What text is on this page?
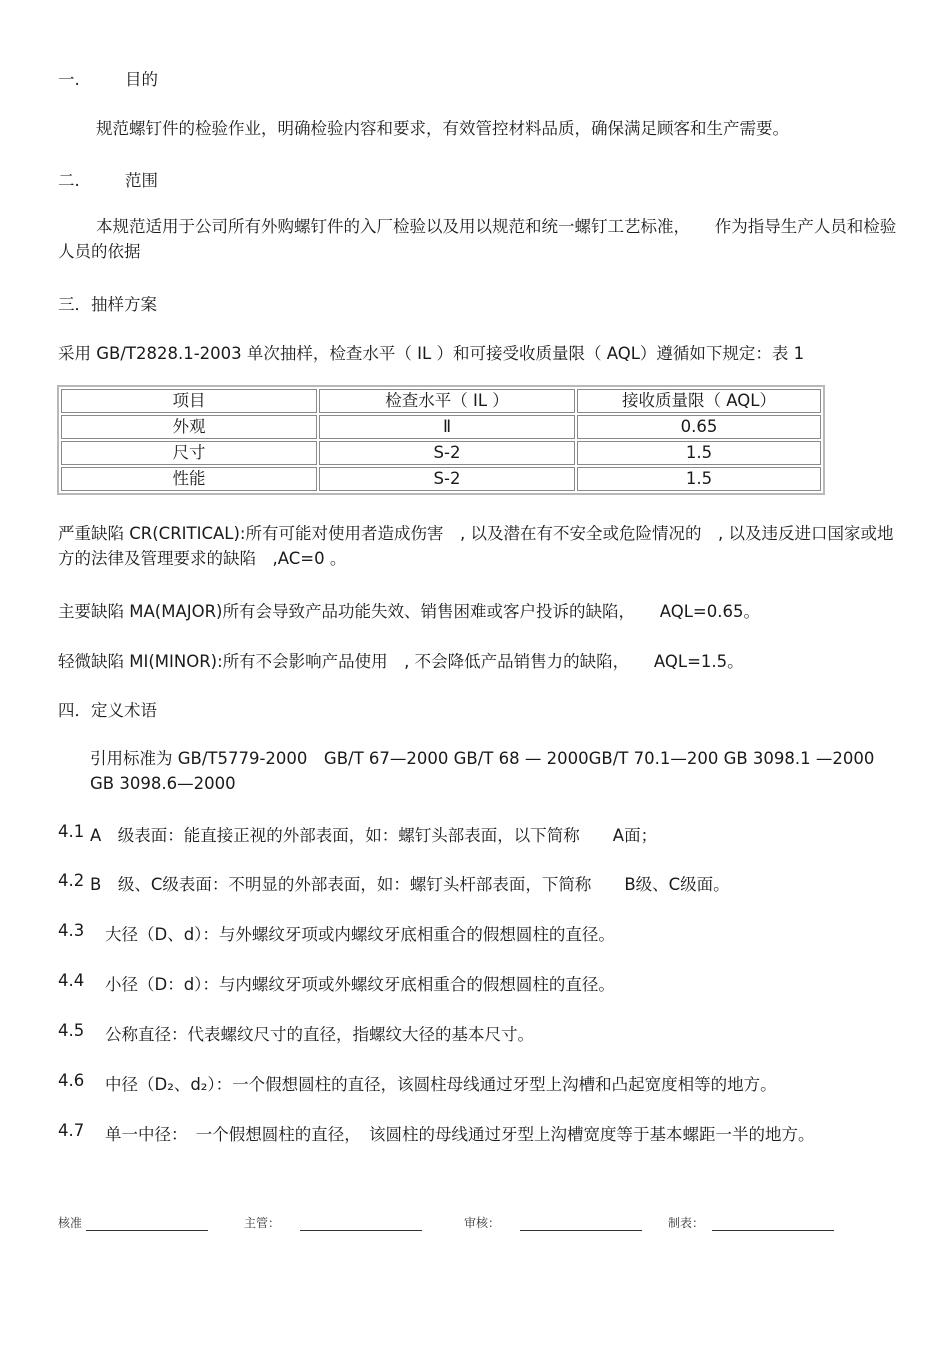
一.	目的
规范螺钉件的检验作业，明确检验内容和要求，有效管控材料品质，确保满足顾客和生产需要。
二.	范围
本规范适用于公司所有外购螺钉件的入厂检验以及用以规范和统一螺钉工艺标准，　　作为指导生产人员和检验人员的依据
三．抽样方案
采用 GB/T2828.1-2003 单次抽样，检查水平（ IL ）和可接受收质量限（ AQL）遵循如下规定：表 1
项目	检查水平（ IL ）	接收质量限（ AQL）
外观	Ⅱ	0.65
尺寸	S-2	1.5
性能	S-2	1.5
严重缺陷 CR(CRITICAL):所有可能对使用者造成伤害　, 以及潜在有不安全或危险情况的　, 以及违反进口国家或地方的法律及管理要求的缺陷　,AC=0 。
主要缺陷 MA(MAJOR)所有会导致产品功能失效、销售困难或客户投诉的缺陷，　　AQL=0.65。
轻微缺陷 MI(MINOR):所有不会影响产品使用　, 不会降低产品销售力的缺陷，　　AQL=1.5。
四．定义术语
引用标准为 GB/T5779-2000　GB/T 67—2000 GB/T 68 — 2000GB/T 70.1—200 GB 3098.1 —2000 GB 3098.6—2000
4.1 A　级表面：能直接正视的外部表面，如：螺钉头部表面，以下简称　　A面；
4.2 B　级、C级表面：不明显的外部表面，如：螺钉头杆部表面，下简称　　B级、C级面。
4.3 大径（D、d）：与外螺纹牙项或内螺纹牙底相重合的假想圆柱的直径。
4.4 小径（D：d）：与内螺纹牙项或外螺纹牙底相重合的假想圆柱的直径。
4.5 公称直径：代表螺纹尺寸的直径，指螺纹大径的基本尺寸。
4.6 中径（D₂、d₂）：一个假想圆柱的直径，该圆柱母线通过牙型上沟槽和凸起宽度相等的地方。
4.7 单一中径：　一个假想圆柱的直径，　该圆柱的母线通过牙型上沟槽宽度等于基本螺距一半的地方。
核准	主管：	审核：	制表：
